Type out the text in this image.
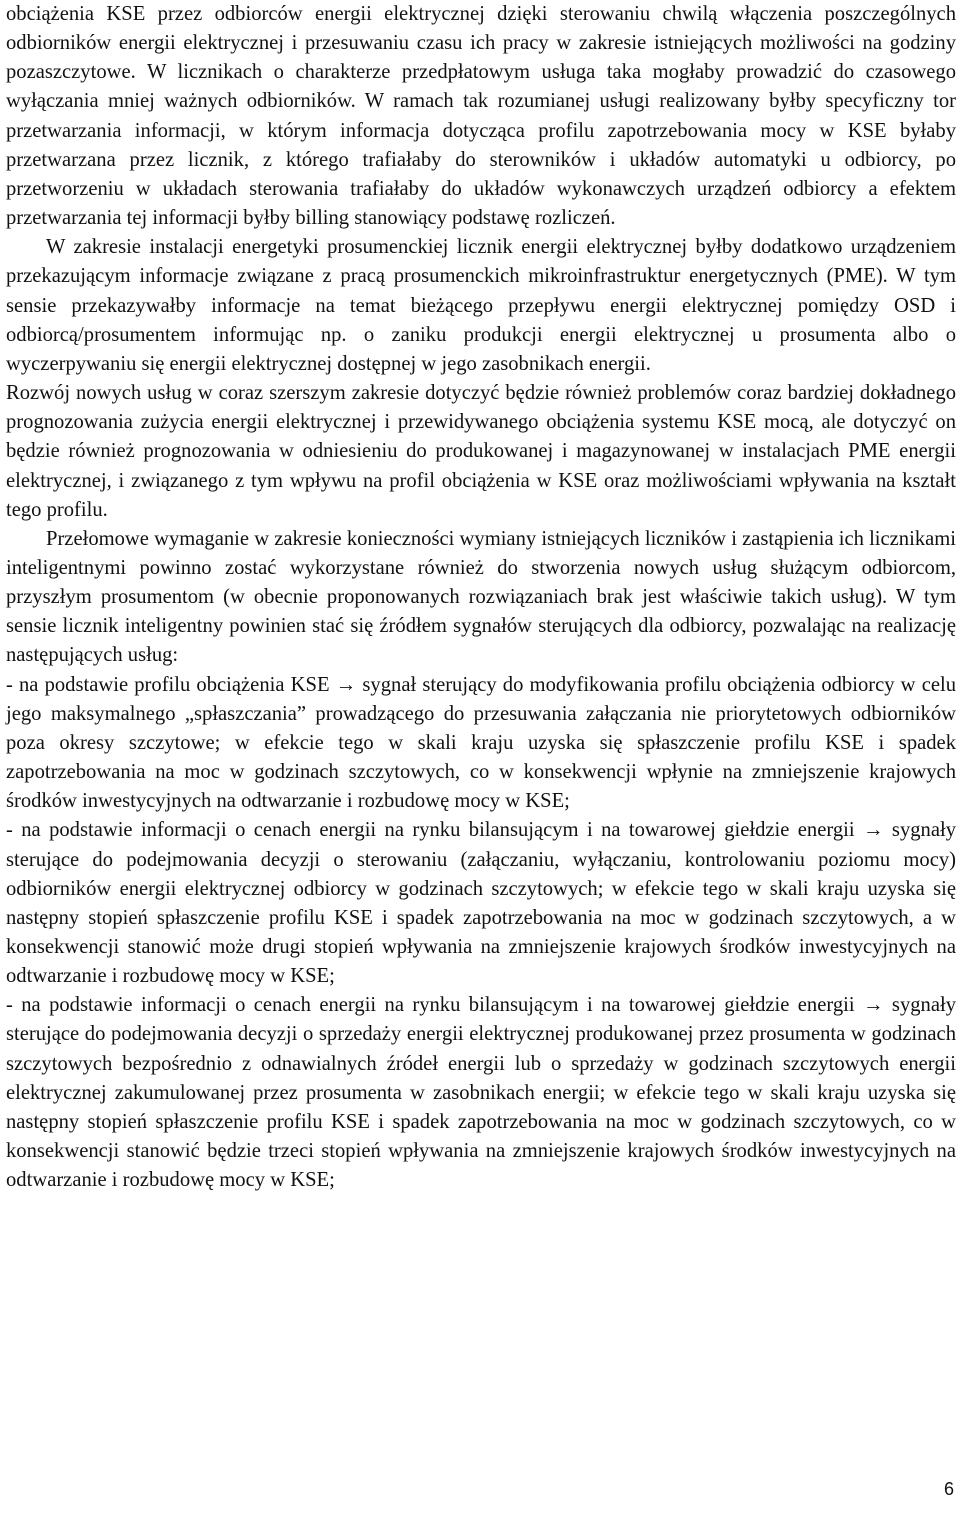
obciążenia KSE przez odbiorców energii elektrycznej dzięki sterowaniu chwilą włączenia poszczególnych odbiorników energii elektrycznej i przesuwaniu czasu ich pracy w zakresie istniejących możliwości na godziny pozaszczytowe. W licznikach o charakterze przedpłatowym usługa taka mogłaby prowadzić do czasowego wyłączania mniej ważnych odbiorników. W ramach tak rozumianej usługi realizowany byłby specyficzny tor przetwarzania informacji, w którym informacja dotycząca profilu zapotrzebowania mocy w KSE byłaby przetwarzana przez licznik, z którego trafiałaby do sterowników i układów automatyki u odbiorcy, po przetworzeniu w układach sterowania trafiałaby do układów wykonawczych urządzeń odbiorcy a efektem przetwarzania tej informacji byłby billing stanowiący podstawę rozliczeń.

W zakresie instalacji energetyki prosumenckiej licznik energii elektrycznej byłby dodatkowo urządzeniem przekazującym informacje związane z pracą prosumenckich mikroinfrastruktur energetycznych (PME). W tym sensie przekazywałby informacje na temat bieżącego przepływu energii elektrycznej pomiędzy OSD i odbiorcą/prosumentem informując np. o zaniku produkcji energii elektrycznej u prosumenta albo o wyczerpywaniu się energii elektrycznej dostępnej w jego zasobnikach energii.

Rozwój nowych usług w coraz szerszym zakresie dotyczyć będzie również problemów coraz bardziej dokładnego prognozowania zużycia energii elektrycznej i przewidywanego obciążenia systemu KSE mocą, ale dotyczyć on będzie również prognozowania w odniesieniu do produkowanej i magazynowanej w instalacjach PME energii elektrycznej, i związanego z tym wpływu na profil obciążenia w KSE oraz możliwościami wpływania na kształt tego profilu.

Przełomowe wymaganie w zakresie konieczności wymiany istniejących liczników i zastąpienia ich licznikami inteligentnymi powinno zostać wykorzystane również do stworzenia nowych usług służącym odbiorcom, przyszłym prosumentom (w obecnie proponowanych rozwiązaniach brak jest właściwie takich usług). W tym sensie licznik inteligentny powinien stać się źródłem sygnałów sterujących dla odbiorcy, pozwalając na realizację następujących usług:

- na podstawie profilu obciążenia KSE → sygnał sterujący do modyfikowania profilu obciążenia odbiorcy w celu jego maksymalnego „spłaszczania” prowadzącego do przesuwania załączania nie priorytetowych odbiorników poza okresy szczytowe; w efekcie tego w skali kraju uzyska się spłaszczenie profilu KSE i spadek zapotrzebowania na moc w godzinach szczytowych, co w konsekwencji wpłynie na zmniejszenie krajowych środków inwestycyjnych na odtwarzanie i rozbudowę mocy w KSE;

- na podstawie informacji o cenach energii na rynku bilansującym i na towarowej giełdzie energii → sygnały sterujące do podejmowania decyzji o sterowaniu (załączaniu, wyłączaniu, kontrolowaniu poziomu mocy) odbiorników energii elektrycznej odbiorcy w godzinach szczytowych; w efekcie tego w skali kraju uzyska się następny stopień spłaszczenie profilu KSE i spadek zapotrzebowania na moc w godzinach szczytowych, a w konsekwencji stanowić może drugi stopień wpływania na zmniejszenie krajowych środków inwestycyjnych na odtwarzanie i rozbudowę mocy w KSE;

- na podstawie informacji o cenach energii na rynku bilansującym i na towarowej giełdzie energii → sygnały sterujące do podejmowania decyzji o sprzedaży energii elektrycznej produkowanej przez prosumenta w godzinach szczytowych bezpośrednio z odnawialnych źródeł energii lub o sprzedaży w godzinach szczytowych energii elektrycznej zakumulowanej przez prosumenta w zasobnikach energii; w efekcie tego w skali kraju uzyska się następny stopień spłaszczenie profilu KSE i spadek zapotrzebowania na moc w godzinach szczytowych, co w konsekwencji stanowić będzie trzeci stopień wpływania na zmniejszenie krajowych środków inwestycyjnych na odtwarzanie i rozbudowę mocy w KSE;

6
